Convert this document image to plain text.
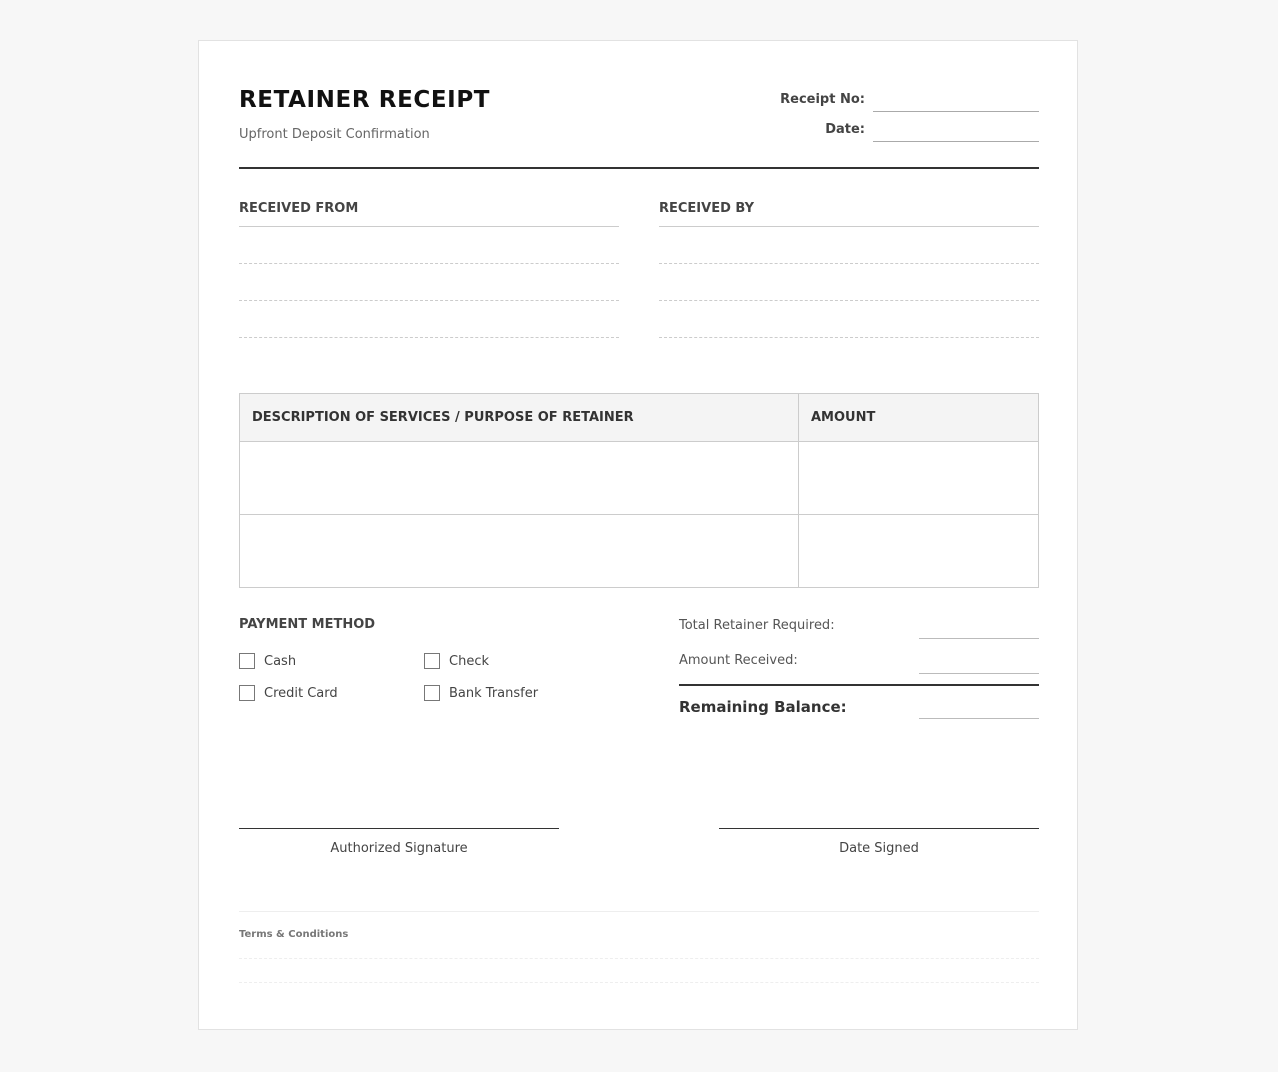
RETAINER RECEIPT
Upfront Deposit Confirmation
Receipt No:
Date:
RECEIVED FROM	RECEIVED BY
DESCRIPTION OF SERVICES / PURPOSE OF RETAINER	AMOUNT

PAYMENT METHOD
Cash	Check
Credit Card	Bank Transfer
Total Retainer Required:
Amount Received:
Remaining Balance:
Authorized Signature	Date Signed
Terms & Conditions
